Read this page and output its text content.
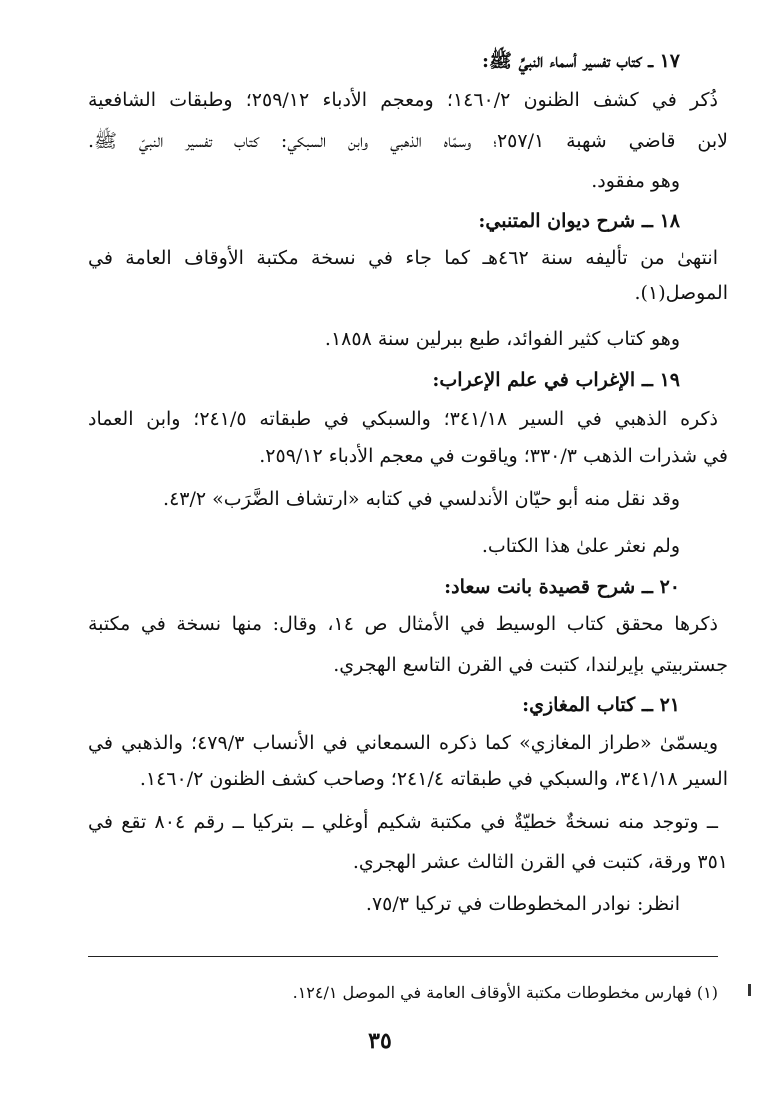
١٧ ــ كتاب تفسير أسماء النبيِّ ﷺ:
ذُكر في كشف الظنون ١٤٦٠/٢؛ ومعجم الأدباء ٢٥٩/١٢؛ وطبقات الشافعية
لابن قاضي شهبة ٢٥٧/١؛ وسمّاه الذهبي وابن السبكي: كتاب تفسير النبيّ ﷺ.
وهو مفقود.
١٨ ــ شرح ديوان المتنبي:
انتهىٰ من تأليفه سنة ٤٦٢هـ كما جاء في نسخة مكتبة الأوقاف العامة في
الموصل(١).
وهو كتاب كثير الفوائد، طبع ببرلين سنة ١٨٥٨.
١٩ ــ الإغراب في علم الإعراب:
ذكره الذهبي في السير ٣٤١/١٨؛ والسبكي في طبقاته ٢٤١/٥؛ وابن العماد
في شذرات الذهب ٣٣٠/٣؛ وياقوت في معجم الأدباء ٢٥٩/١٢.
وقد نقل منه أبو حيّان الأندلسي في كتابه «ارتشاف الضَّرَب» ٤٣/٢.
ولم نعثر علىٰ هذا الكتاب.
٢٠ ــ شرح قصيدة بانت سعاد:
ذكرها محقق كتاب الوسيط في الأمثال ص ١٤، وقال: منها نسخة في مكتبة
جستربيتي بإيرلندا، كتبت في القرن التاسع الهجري.
٢١ ــ كتاب المغازي:
ويسمّىٰ «طراز المغازي» كما ذكره السمعاني في الأنساب ٤٧٩/٣؛ والذهبي في
السير ٣٤١/١٨، والسبكي في طبقاته ٢٤١/٤؛ وصاحب كشف الظنون ١٤٦٠/٢.
ــ وتوجد منه نسخةٌ خطيّةٌ في مكتبة شكيم أوغلي ــ بتركيا ــ رقم ٨٠٤ تقع في
٣٥١ ورقة، كتبت في القرن الثالث عشر الهجري.
انظر: نوادر المخطوطات في تركيا ٧٥/٣.
(١) فهارس مخطوطات مكتبة الأوقاف العامة في الموصل ١٢٤/١.
٣٥
